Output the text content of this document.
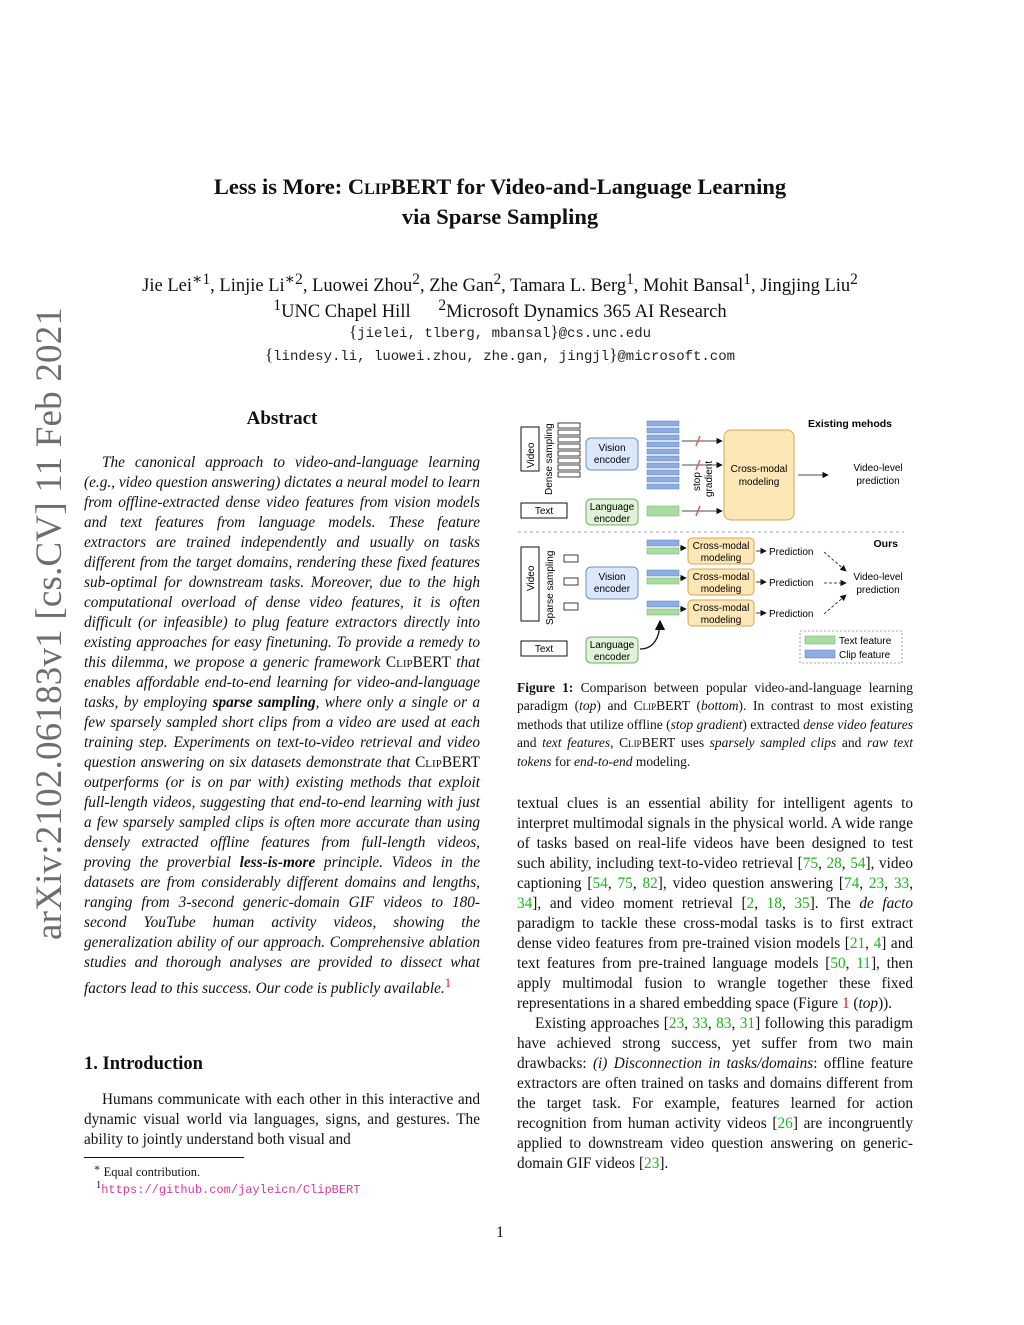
arXiv:2102.06183v1 [cs.CV] 11 Feb 2021
Less is More: ClipBERT for Video-and-Language Learning
via Sparse Sampling
Jie Lei$^{∗1}$, Linjie $Li^{∗2}$, Luowei Zhou$^2$, Zhe Gan$^2$, Tamara L. Berg$^1$, Mohit Bansal$^1$, Jingjing Liu$^2$
$^1$UNC Chapel Hill $^2$Microsoft Dynamics 365 AI Research
{jielei, tlberg, mbansal}@cs.unc.edu
{lindesy.li, luowei.zhou, zhe.gan, jingjl}@microsoft.com
Abstract

The canonical approach to video-and-language learning (e.g., video question answering) dictates a neural model to learn from offline-extracted dense video features from vision models and text features from language models. These feature extractors are trained independently and usually on tasks different from the target domains, rendering these fixed features sub-optimal for downstream tasks. Moreover, due to the high computational overload of dense video features, it is often difficult (or infeasible) to plug feature extractors directly into existing approaches for easy finetuning. To provide a remedy to this dilemma, we propose a generic framework ClipBERT that enables affordable end-to-end learning for video-and-language tasks, by employing sparse sampling, where only a single or a few sparsely sampled short clips from a video are used at each training step. Experiments on text-to-video retrieval and video question answering on six datasets demonstrate that ClipBERT outperforms (or is on par with) existing methods that exploit full-length videos, suggesting that end-to-end learning with just a few sparsely sampled clips is often more accurate than using densely extracted offline features from full-length videos, proving the proverbial less-is-more principle. Videos in the datasets are from considerably different domains and lengths, ranging from 3-second generic-domain GIF videos to 180-second YouTube human activity videos, showing the generalization ability of our approach. Comprehensive ablation studies and thorough analyses are provided to dissect what factors lead to this success. Our code is publicly available.$^1$

1. Introduction

Humans communicate with each other in this interactive and dynamic visual world via languages, signs, and gestures. The ability to jointly understand both visual and

∗ Equal contribution.
$^1$https://github.com/jayleicn/ClipBERT
Existing mehods
Video Dense sampling
Text
Vision
encoder
Language
encoder
stop gradient Cross-modal
modeling
Video-level
prediction
Ours
Video Sparse sampling
Text
Vision
encoder
Language
encoder
Cross-modal
modeling
Cross-modal
modeling
Cross-modal
modeling
Prediction
Prediction
Prediction
Video-level
prediction
Text feature
Clip feature

Figure 1: Comparison between popular video-and-language learning paradigm (top) and ClipBERT (bottom). In contrast to most existing methods that utilize offline (stop gradient) extracted dense video features and text features, ClipBERT uses sparsely sampled clips and raw text tokens for end-to-end modeling.

textual clues is an essential ability for intelligent agents to interpret multimodal signals in the physical world. A wide range of tasks based on real-life videos have been designed to test such ability, including text-to-video retrieval [75, 28, 54], video captioning [54, 75, 82], video question answering [74, 23, 33, 34], and video moment retrieval [2, 18, 35]. The de facto paradigm to tackle these cross-modal tasks is to first extract dense video features from pre-trained vision models [21, 4] and text features from pre-trained language models [50, 11], then apply multimodal fusion to wrangle together these fixed representations in a shared embedding space (Figure 1 (top)).

Existing approaches [23, 33, 83, 31] following this paradigm have achieved strong success, yet suffer from two main drawbacks: (i) Disconnection in tasks/domains: offline feature extractors are often trained on tasks and domains different from the target task. For example, features learned for action recognition from human activity videos [26] are incongruently applied to downstream video question answering on generic-domain GIF videos [23].

1
